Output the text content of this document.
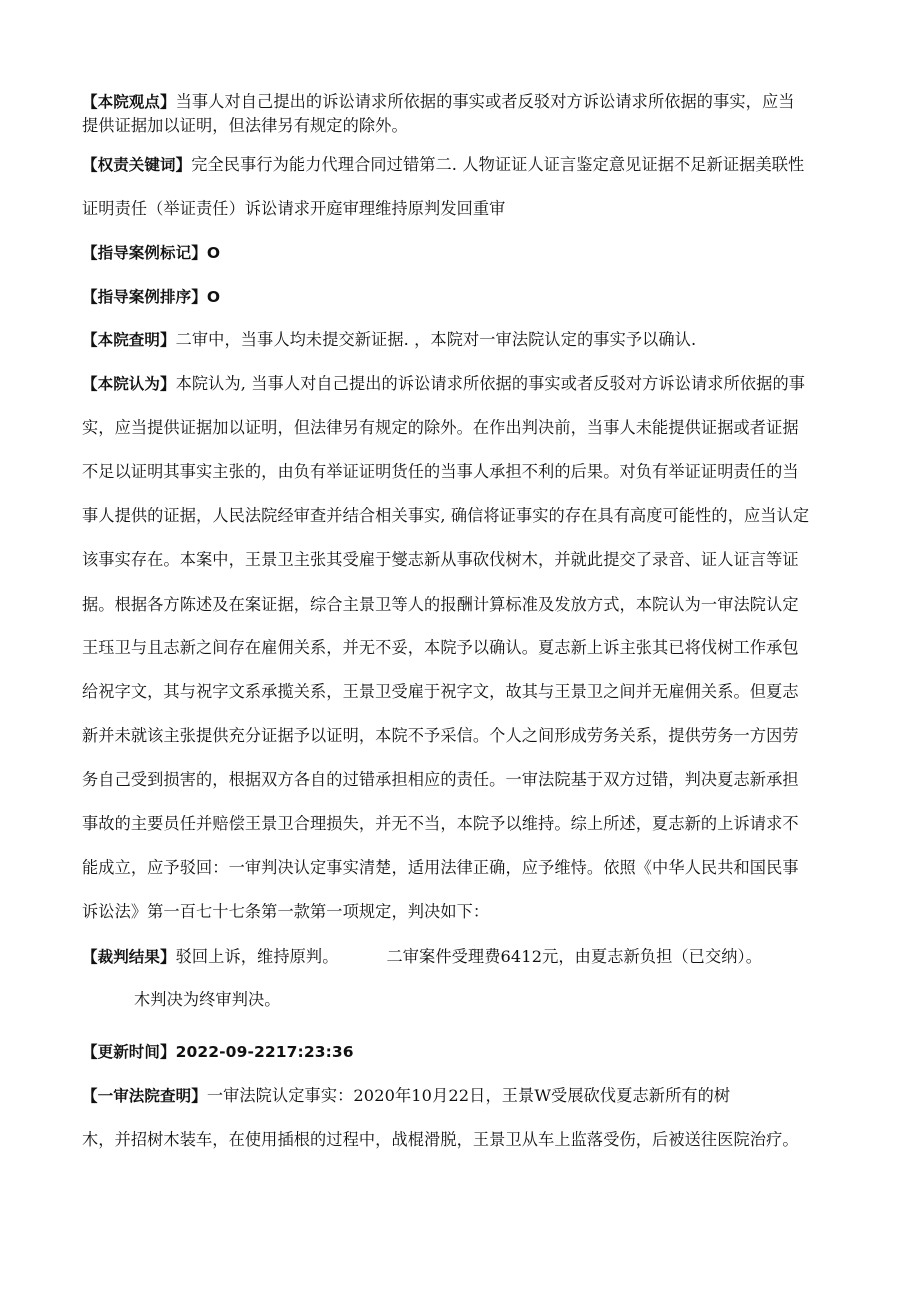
【本院观点】当事人对自己提出的诉讼请求所依据的事实或者反驳对方诉讼请求所依据的事实，应当
提供证据加以证明，但法律另有规定的除外。
【权责关键词】完全民事行为能力代理合同过错第二. 人物证证人证言鉴定意见证据不足新证据美联性
证明责任（举证责任）诉讼请求开庭审理维持原判发回重审
【指导案例标记】O
【指导案例排序】O
【本院查明】二审中，当事人均未提交新证据. ，本院对一审法院认定的事实予以确认.
【本院认为】本院认为, 当事人对自己提出的诉讼请求所依据的事实或者反驳对方诉讼请求所依据的事
实，应当提供证据加以证明，但法律另有规定的除外。在作出判决前，当事人未能提供证据或者证据
不足以证明其事实主张的，由负有举证证明货任的当事人承担不利的后果。对负有举证证明责任的当
事人提供的证据，人民法院经审查并结合相关事实, 确信将证事实的存在具有高度可能性的，应当认定
该事实存在。本案中，王景卫主张其受雇于燮志新从事砍伐树木，并就此提交了录音、证人证言等证
据。根据各方陈述及在案证据，综合主景卫等人的报酬计算标准及发放方式，本院认为一审法院认定
王珏卫与且志新之间存在雇佣关系，并无不妥，本院予以确认。夏志新上诉主张其已将伐树工作承包
给祝字文，其与祝字文系承揽关系，王景卫受雇于祝字文，故其与王景卫之间并无雇佣关系。但夏志
新并未就该主张提供充分证据予以证明，本院不予采信。个人之间形成劳务关系，提供劳务一方因劳
务自己受到损害的，根据双方各自的过错承担相应的责任。一审法院基于双方过错，判决夏志新承担
事故的主要员任并赔偿王景卫合理损失，并无不当，本院予以维持。综上所述，夏志新的上诉请求不
能成立，应予驳回：一审判决认定事实清楚，适用法律正确，应予维恃。依照《中华人民共和国民事
诉讼法》第一百七十七条第一款第一项规定，判决如下：
【裁判结果】驳回上诉，维持原判。	二审案件受理费6412元，由夏志新负担（已交纳）。
木判决为终审判决。
【更新时间】2022-09-2217:23:36
【一审法院查明】一审法院认定事实：2020年10月22日，王景W受展砍伐夏志新所有的树
木，并招树木装车，在使用插根的过程中，战棍滑脱，王景卫从车上监落受伤，后被送往医院治疗。
